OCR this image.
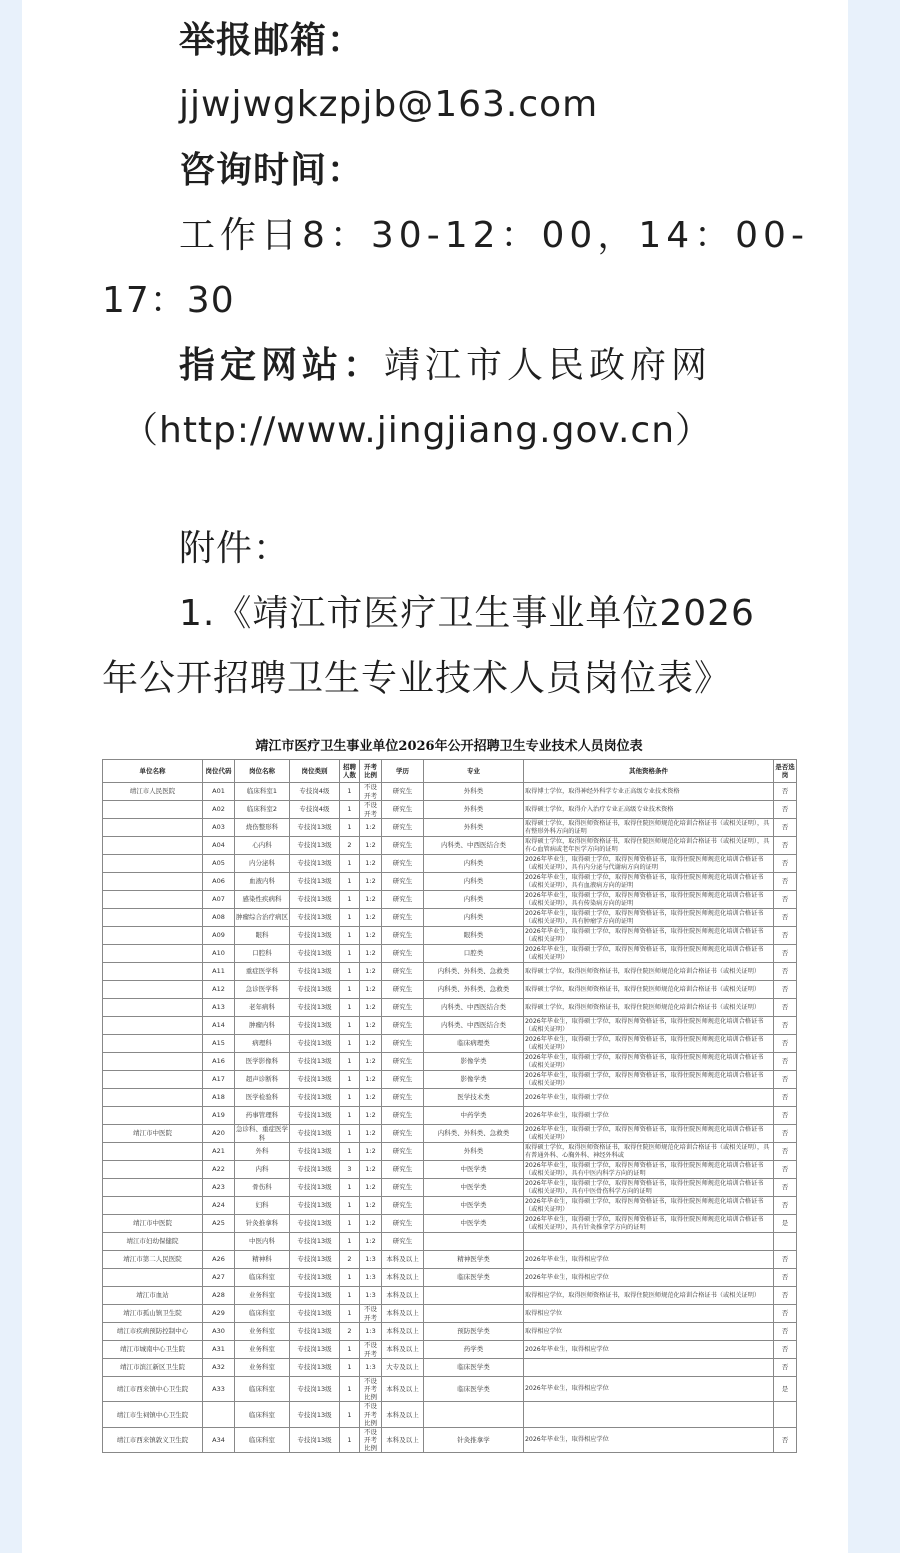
举报邮箱：
jjwjwgkzpjb@163.com
咨询时间：
工作日8：30-12：00，14：00-
17：30
指定网站：靖江市人民政府网
（http://www.jingjiang.gov.cn）
附件：
1.《靖江市医疗卫生事业单位2026
年公开招聘卫生专业技术人员岗位表》
靖江市医疗卫生事业单位2026年公开招聘卫生专业技术人员岗位表
单位名称	岗位代码	岗位名称	岗位类别	招聘人数	开考比例	学历	专业	其他资格条件	是否选岗
靖江市人民医院	A01	临床科室1	专技岗4级	1	不设开考	研究生	外科类	取得博士学位，取得神经外科学专业正高级专业技术资格	否
	A02	临床科室2	专技岗4级	1	不设开考	研究生	外科类	取得硕士学位，取得介入治疗专业正高级专业技术资格	否
	A03	烧伤整形科	专技岗13级	1	1:2	研究生	外科类	取得硕士学位，取得医师资格证书，取得住院医师规范化培训合格证书（或相关证明），具有整形外科方向的证明	否
	A04	心内科	专技岗13级	2	1:2	研究生	内科类、中西医结合类	取得硕士学位，取得医师资格证书，取得住院医师规范化培训合格证书（或相关证明），具有心血管病或老年医学方向的证明	否
	A05	内分泌科	专技岗13级	1	1:2	研究生	内科类	2026年毕业生，取得硕士学位，取得医师资格证书，取得住院医师规范化培训合格证书（或相关证明），具有内分泌与代谢病方向的证明	否
	A06	血液内科	专技岗13级	1	1:2	研究生	内科类	2026年毕业生，取得硕士学位，取得医师资格证书，取得住院医师规范化培训合格证书（或相关证明），具有血液病方向的证明	否
	A07	感染性疾病科	专技岗13级	1	1:2	研究生	内科类	2026年毕业生，取得硕士学位，取得医师资格证书，取得住院医师规范化培训合格证书（或相关证明），具有传染病方向的证明	否
	A08	肿瘤综合治疗病区	专技岗13级	1	1:2	研究生	内科类	2026年毕业生，取得硕士学位，取得医师资格证书，取得住院医师规范化培训合格证书（或相关证明），具有肿瘤学方向的证明	否
	A09	眼科	专技岗13级	1	1:2	研究生	眼科类	2026年毕业生，取得硕士学位，取得医师资格证书，取得住院医师规范化培训合格证书（或相关证明）	否
	A10	口腔科	专技岗13级	1	1:2	研究生	口腔类	2026年毕业生，取得硕士学位，取得医师资格证书，取得住院医师规范化培训合格证书（或相关证明）	否
	A11	重症医学科	专技岗13级	1	1:2	研究生	内科类、外科类、急救类	取得硕士学位，取得医师资格证书，取得住院医师规范化培训合格证书（或相关证明）	否
	A12	急诊医学科	专技岗13级	1	1:2	研究生	内科类、外科类、急救类	取得硕士学位，取得医师资格证书，取得住院医师规范化培训合格证书（或相关证明）	否
	A13	老年病科	专技岗13级	1	1:2	研究生	内科类、中西医结合类	取得硕士学位，取得医师资格证书，取得住院医师规范化培训合格证书（或相关证明）	否
	A14	肿瘤内科	专技岗13级	1	1:2	研究生	内科类、中西医结合类	2026年毕业生，取得硕士学位，取得医师资格证书，取得住院医师规范化培训合格证书（或相关证明）	否
	A15	病理科	专技岗13级	1	1:2	研究生	临床病理类	2026年毕业生，取得硕士学位，取得医师资格证书，取得住院医师规范化培训合格证书（或相关证明）	否
	A16	医学影像科	专技岗13级	1	1:2	研究生	影像学类	2026年毕业生，取得硕士学位，取得医师资格证书，取得住院医师规范化培训合格证书（或相关证明）	否
	A17	超声诊断科	专技岗13级	1	1:2	研究生	影像学类	2026年毕业生，取得硕士学位，取得医师资格证书，取得住院医师规范化培训合格证书（或相关证明）	否
	A18	医学检验科	专技岗13级	1	1:2	研究生	医学技术类	2026年毕业生，取得硕士学位	否
	A19	药事管理科	专技岗13级	1	1:2	研究生	中药学类	2026年毕业生，取得硕士学位	否
靖江市中医院	A20	急诊科、重症医学科	专技岗13级	1	1:2	研究生	内科类、外科类、急救类	2026年毕业生，取得硕士学位，取得医师资格证书，取得住院医师规范化培训合格证书（或相关证明）	否
	A21	外科	专技岗13级	1	1:2	研究生	外科类	取得硕士学位，取得医师资格证书，取得住院医师规范化培训合格证书（或相关证明），具有普通外科、心胸外科、神经外科或	否
	A22	内科	专技岗13级	3	1:2	研究生	中医学类	2026年毕业生，取得硕士学位，取得医师资格证书，取得住院医师规范化培训合格证书（或相关证明），具有中医内科学方向的证明	否
	A23	骨伤科	专技岗13级	1	1:2	研究生	中医学类	2026年毕业生，取得硕士学位，取得医师资格证书，取得住院医师规范化培训合格证书（或相关证明），具有中医骨伤科学方向的证明	否
	A24	妇科	专技岗13级	1	1:2	研究生	中医学类	2026年毕业生，取得硕士学位，取得医师资格证书，取得住院医师规范化培训合格证书（或相关证明）	否
靖江市中医院	A25	针灸推拿科	专技岗13级	1	1:2	研究生	中医学类	2026年毕业生，取得硕士学位，取得医师资格证书，取得住院医师规范化培训合格证书（或相关证明），具有针灸推拿学方向的证明	是
靖江市妇幼保健院		中医内科	专技岗13级	1	1:2	研究生			
靖江市第二人民医院	A26	精神科	专技岗13级	2	1:3	本科及以上	精神医学类	2026年毕业生，取得相应学位	否
	A27	临床科室	专技岗13级	1	1:3	本科及以上	临床医学类	2026年毕业生，取得相应学位	否
靖江市血站	A28	业务科室	专技岗13级	1	1:3	本科及以上		取得相应学位，取得医师资格证书，取得住院医师规范化培训合格证书（或相关证明）	否
靖江市孤山镇卫生院	A29	临床科室	专技岗13级	1	不设开考	本科及以上		取得相应学位	否
靖江市疾病预防控制中心	A30	业务科室	专技岗13级	2	1:3	本科及以上	预防医学类	取得相应学位	否
靖江市城南中心卫生院	A31	业务科室	专技岗13级	1	不设开考	本科及以上	药学类	2026年毕业生，取得相应学位	否
靖江市滨江新区卫生院	A32	业务科室	专技岗13级	1	1:3	大专及以上	临床医学类		否
靖江市西来镇中心卫生院	A33	临床科室	专技岗13级	1	不设开考比例	本科及以上	临床医学类	2026年毕业生，取得相应学位	是
靖江市生祠镇中心卫生院		临床科室	专技岗13级	1	不设开考比例	本科及以上			
靖江市西来镇敦义卫生院	A34	临床科室	专技岗13级	1	不设开考比例	本科及以上	针灸推拿学	2026年毕业生，取得相应学位	否
